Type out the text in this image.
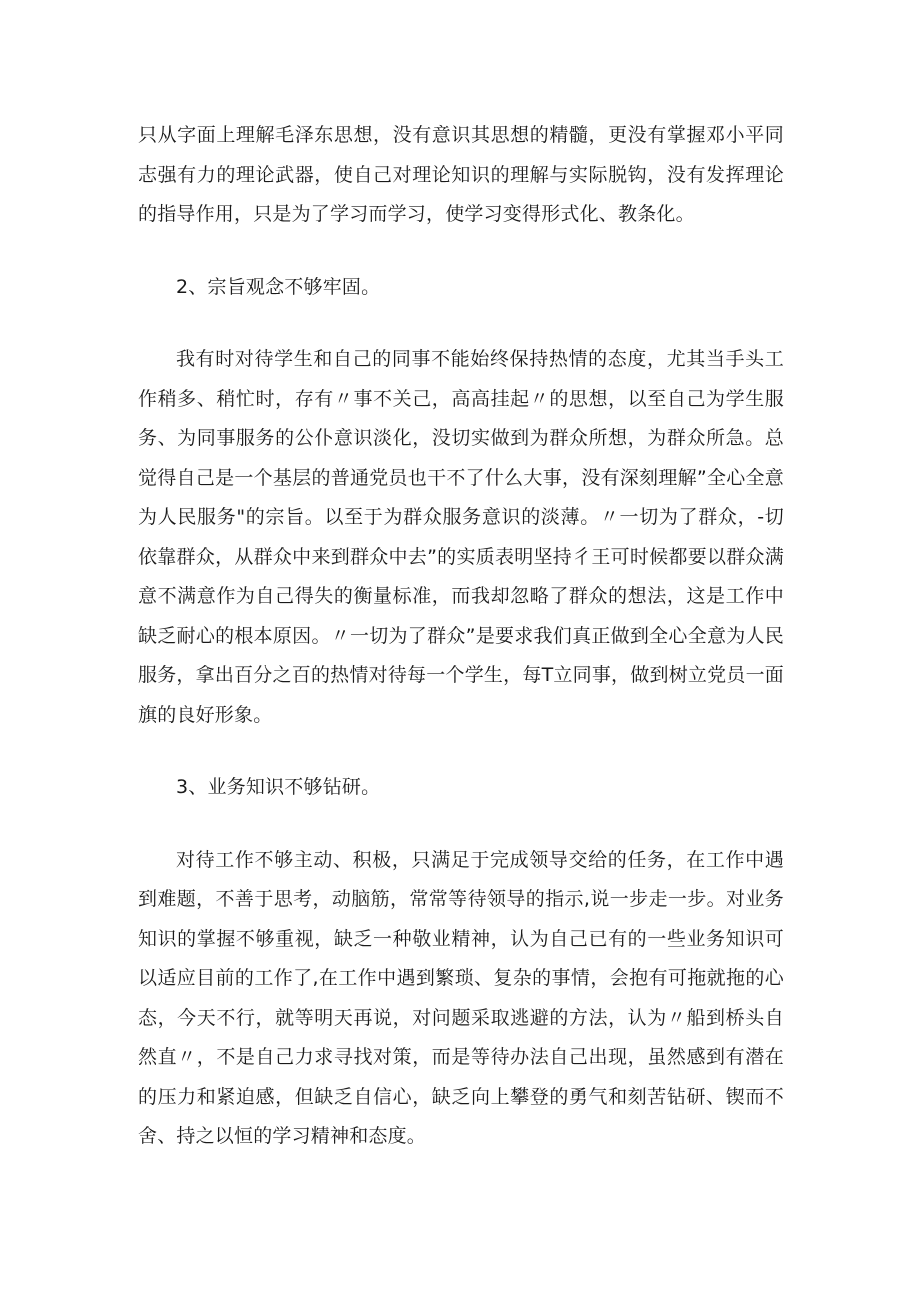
只从字面上理解毛泽东思想，没有意识其思想的精髓，更没有掌握邓小平同志强有力的理论武器，使自己对理论知识的理解与实际脱钩，没有发挥理论的指导作用，只是为了学习而学习，使学习变得形式化、教条化。

2、宗旨观念不够牢固。

我有时对待学生和自己的同事不能始终保持热情的态度，尤其当手头工作稍多、稍忙时，存有〃事不关己，高高挂起〃的思想，以至自己为学生服务、为同事服务的公仆意识淡化，没切实做到为群众所想，为群众所急。总觉得自己是一个基层的普通党员也干不了什么大事，没有深刻理解”全心全意为人民服务"的宗旨。以至于为群众服务意识的淡薄。〃一切为了群众，-切依靠群众，从群众中来到群众中去”的实质表明坚持彳王可时候都要以群众满意不满意作为自己得失的衡量标准，而我却忽略了群众的想法，这是工作中缺乏耐心的根本原因。〃一切为了群众”是要求我们真正做到全心全意为人民服务，拿出百分之百的热情对待每一个学生，每T立同事，做到树立党员一面旗的良好形象。

3、业务知识不够钻研。

对待工作不够主动、积极，只满足于完成领导交给的任务，在工作中遇到难题，不善于思考，动脑筋，常常等待领导的指示,说一步走一步。对业务知识的掌握不够重视，缺乏一种敬业精神，认为自己已有的一些业务知识可以适应目前的工作了,在工作中遇到繁琐、复杂的事情，会抱有可拖就拖的心态，今天不行，就等明天再说，对问题采取逃避的方法，认为〃船到桥头自然直〃，不是自己力求寻找对策，而是等待办法自己出现，虽然感到有潜在的压力和紧迫感，但缺乏自信心，缺乏向上攀登的勇气和刻苦钻研、锲而不舍、持之以恒的学习精神和态度。
